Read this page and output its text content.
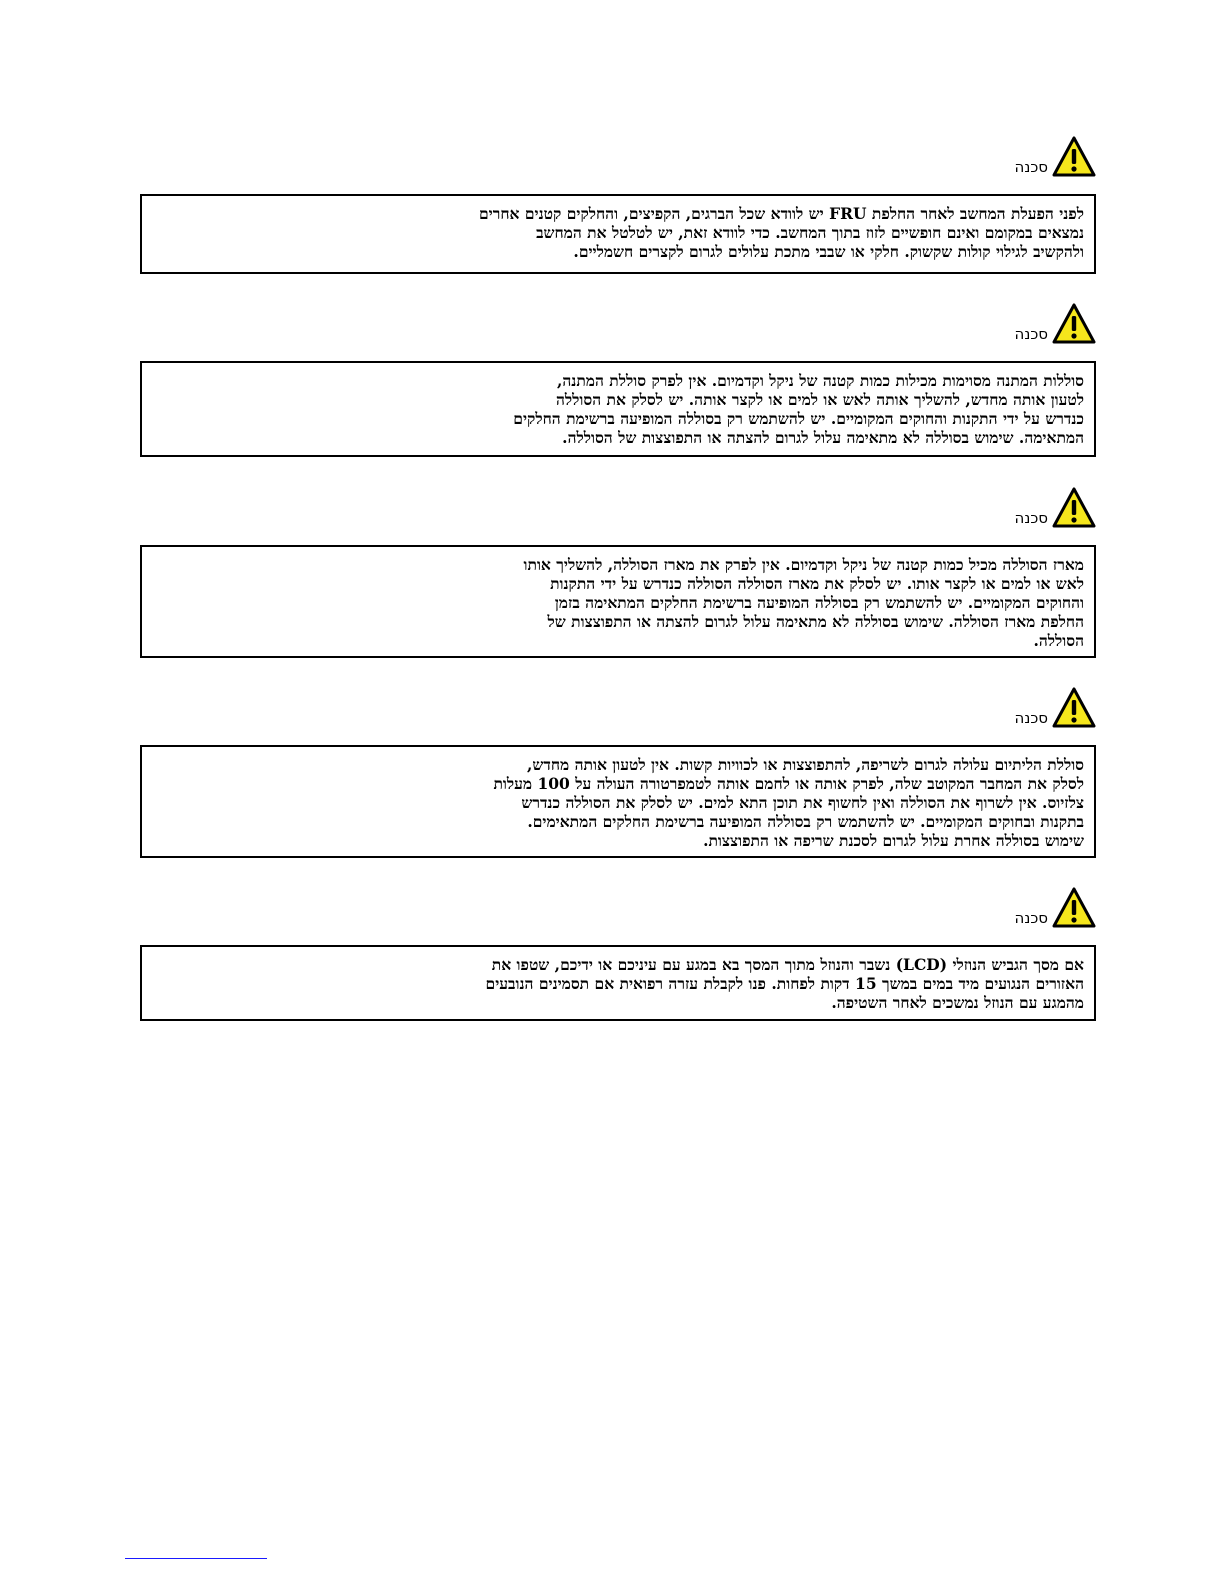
סכנה

לפני הפעלת המחשב לאחר החלפת FRU יש לוודא שכל הברגים, הקפיצים, והחלקים קטנים אחרים
נמצאים במקומם ואינם חופשיים לזוז בתוך המחשב. כדי לוודא זאת, יש לטלטל את המחשב
ולהקשיב לגילוי קולות שקשוק. חלקי או שבבי מתכת עלולים לגרום לקצרים חשמליים.

סכנה

סוללות המתנה מסוימות מכילות כמות קטנה של ניקל וקדמיום. אין לפרק סוללת המתנה,
לטעון אותה מחדש, להשליך אותה לאש או למים או לקצר אותה. יש לסלק את הסוללה
כנדרש על ידי התקנות והחוקים המקומיים. יש להשתמש רק בסוללה המופיעה ברשימת החלקים
המתאימה. שימוש בסוללה לא מתאימה עלול לגרום להצתה או התפוצצות של הסוללה.

סכנה

מארז הסוללה מכיל כמות קטנה של ניקל וקדמיום. אין לפרק את מארז הסוללה, להשליך אותו
לאש או למים או לקצר אותו. יש לסלק את מארז הסוללה הסוללה כנדרש על ידי התקנות
והחוקים המקומיים. יש להשתמש רק בסוללה המופיעה ברשימת החלקים המתאימה בזמן
החלפת מארז הסוללה. שימוש בסוללה לא מתאימה עלול לגרום להצתה או התפוצצות של
הסוללה.

סכנה

סוללת הליתיום עלולה לגרום לשריפה, להתפוצצות או לכוויות קשות. אין לטעון אותה מחדש,
לסלק את המחבר המקוטב שלה, לפרק אותה או לחמם אותה לטמפרטורה העולה על 100 מעלות
צלזיוס. אין לשרוף את הסוללה ואין לחשוף את תוכן התא למים. יש לסלק את הסוללה כנדרש
בתקנות ובחוקים המקומיים. יש להשתמש רק בסוללה המופיעה ברשימת החלקים המתאימים.
שימוש בסוללה אחרת עלול לגרום לסכנת שריפה או התפוצצות.

סכנה

אם מסך הגביש הנוזלי (LCD) נשבר והנוזל מתוך המסך בא במגע עם עיניכם או ידיכם, שטפו את
האזורים הנגועים מיד במים במשך 15 דקות לפחות. פנו לקבלת עזרה רפואית אם תסמינים הנובעים
מהמגע עם הנוזל נמשכים לאחר השטיפה.
